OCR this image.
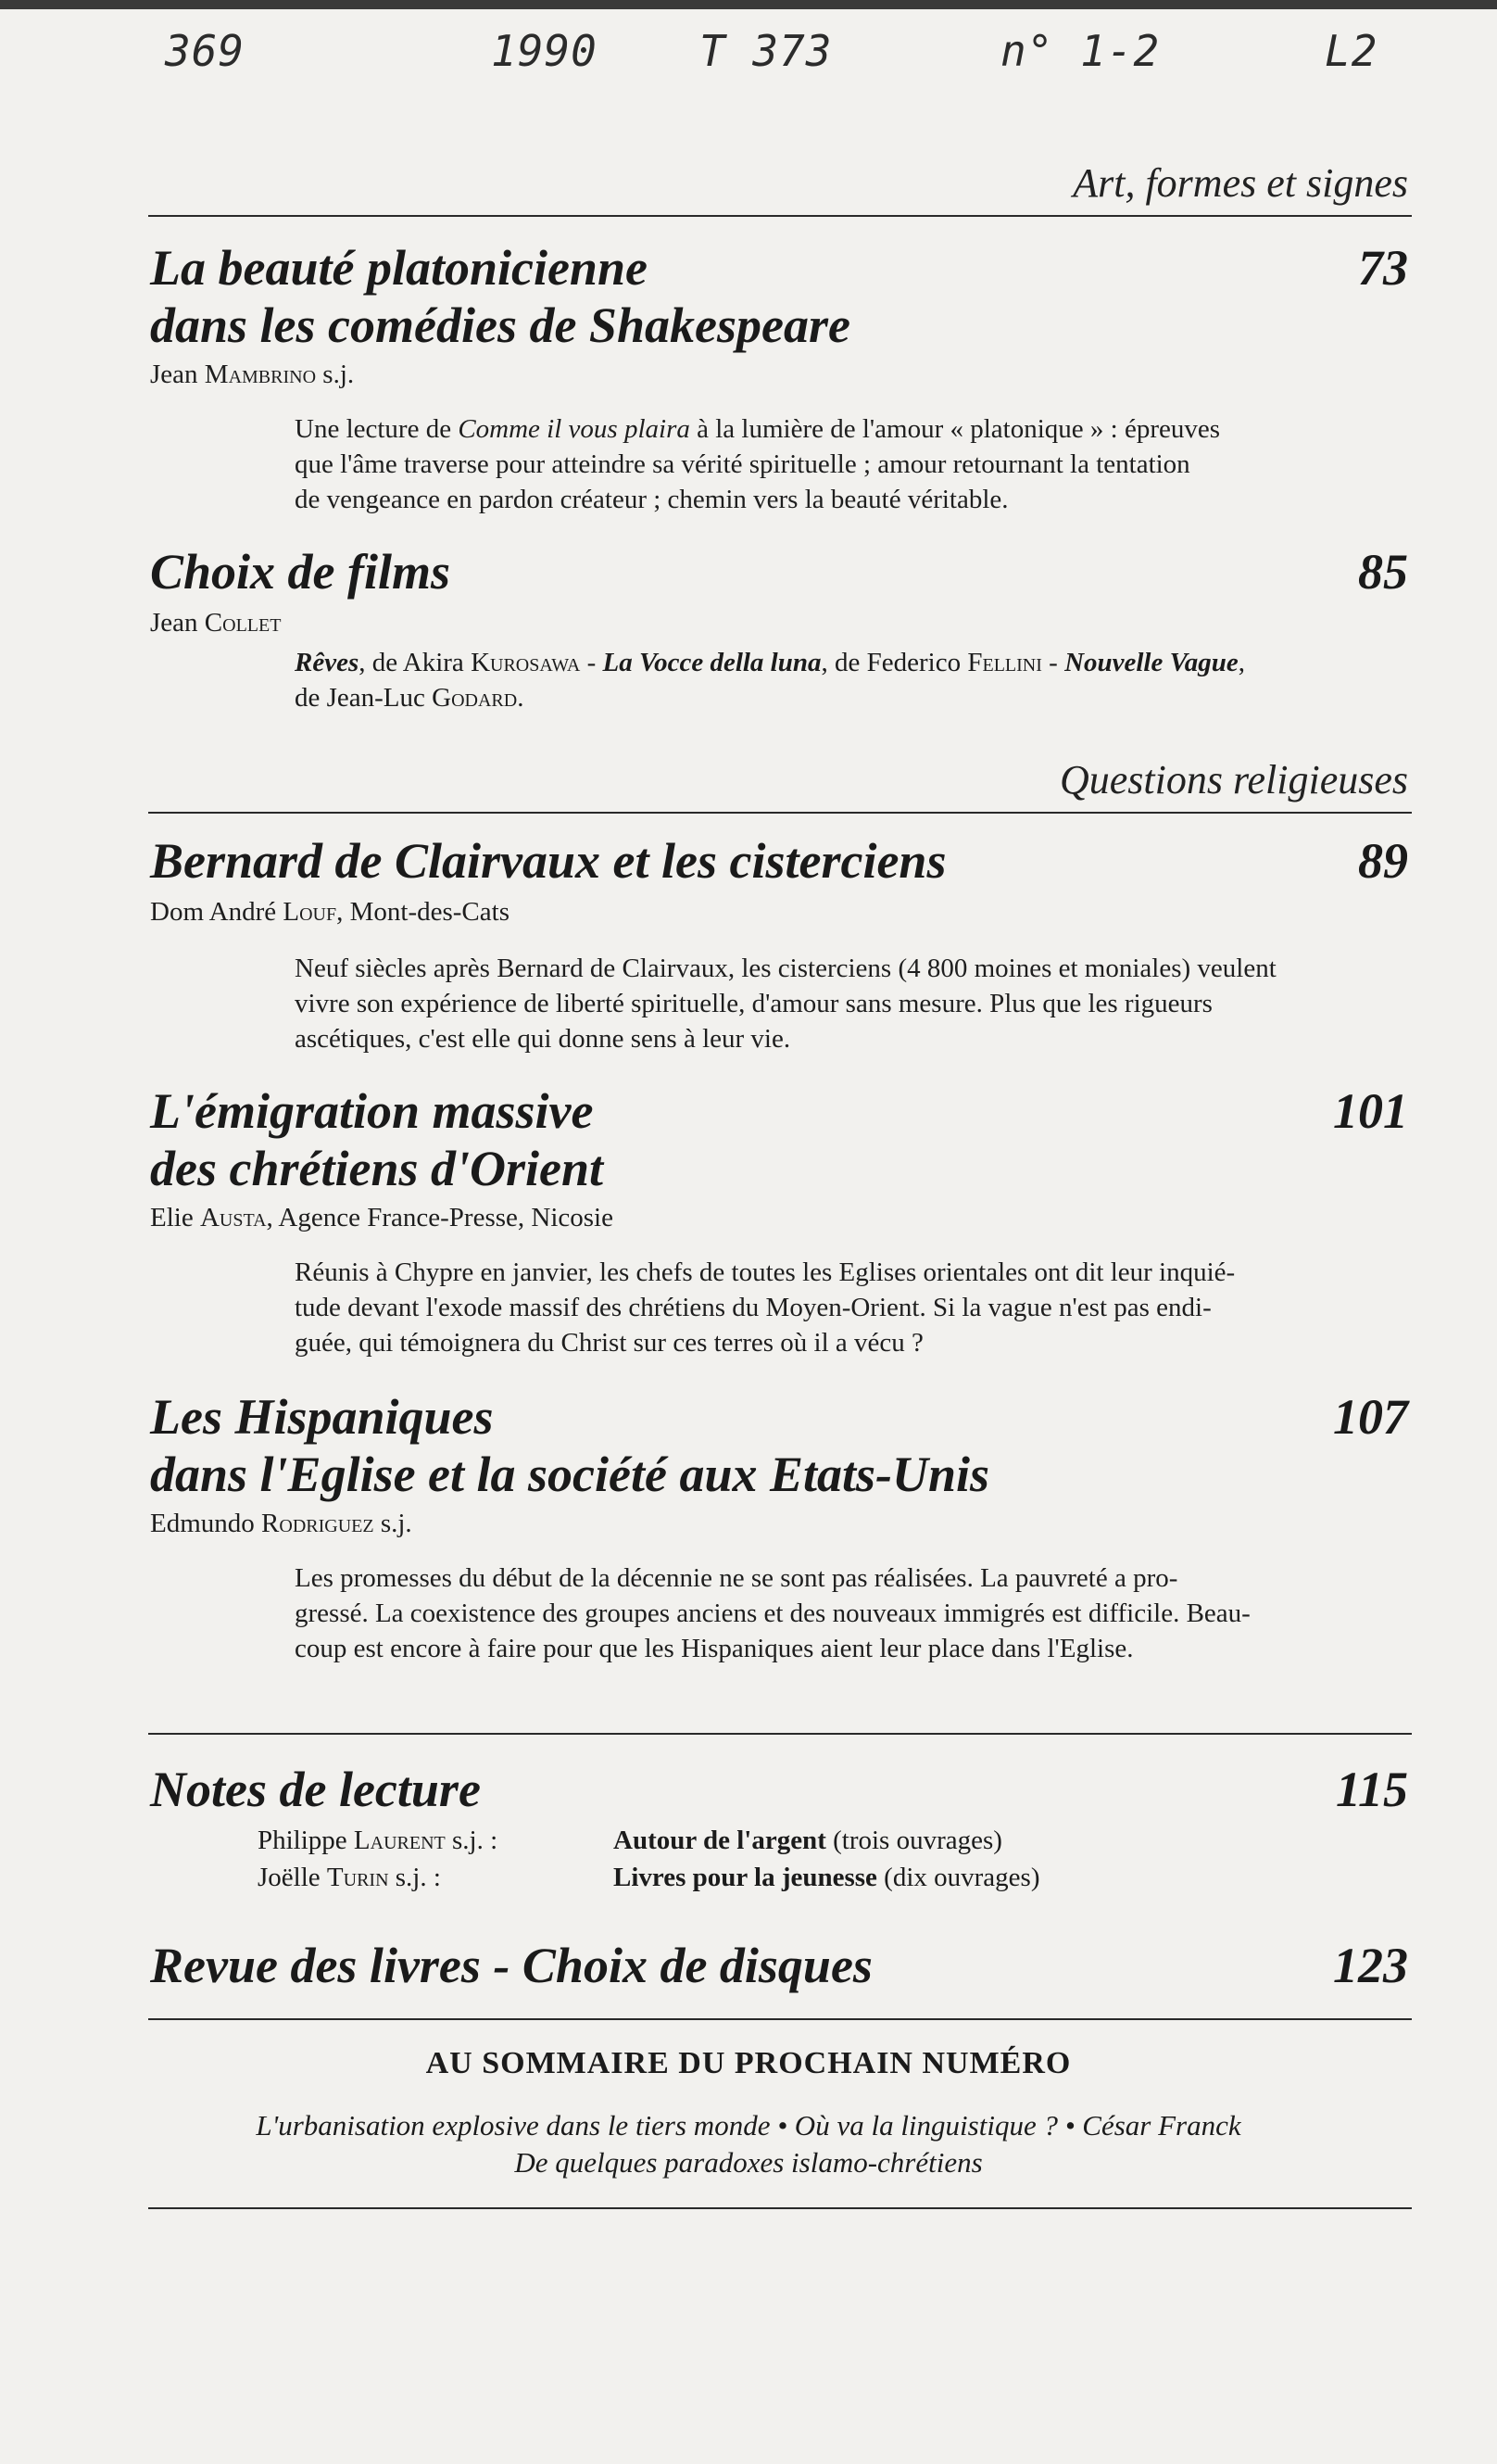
369	1990 T 373	n° 1-2	L2
Art, formes et signes
La beauté platonicienne
dans les comédies de Shakespeare
73
Jean Mambrino s.j.
Une lecture de Comme il vous plaira à la lumière de l'amour « platonique » : épreuves
que l'âme traverse pour atteindre sa vérité spirituelle ; amour retournant la tentation
de vengeance en pardon créateur ; chemin vers la beauté véritable.
Choix de films	85
Jean Collet
Rêves, de Akira Kurosawa - La Vocce della luna, de Federico Fellini - Nouvelle Vague,
de Jean-Luc Godard.
Questions religieuses
Bernard de Clairvaux et les cisterciens	89
Dom André Louf, Mont-des-Cats
Neuf siècles après Bernard de Clairvaux, les cisterciens (4 800 moines et moniales) veulent
vivre son expérience de liberté spirituelle, d'amour sans mesure. Plus que les rigueurs
ascétiques, c'est elle qui donne sens à leur vie.
L'émigration massive
des chrétiens d'Orient
101
Elie Austa, Agence France-Presse, Nicosie
Réunis à Chypre en janvier, les chefs de toutes les Eglises orientales ont dit leur inquié-
tude devant l'exode massif des chrétiens du Moyen-Orient. Si la vague n'est pas endi-
guée, qui témoignera du Christ sur ces terres où il a vécu ?
Les Hispaniques
dans l'Eglise et la société aux Etats-Unis
107
Edmundo Rodriguez s.j.
Les promesses du début de la décennie ne se sont pas réalisées. La pauvreté a pro-
gressé. La coexistence des groupes anciens et des nouveaux immigrés est difficile. Beau-
coup est encore à faire pour que les Hispaniques aient leur place dans l'Eglise.
Notes de lecture	115
Philippe Laurent s.j. :	Autour de l'argent (trois ouvrages)
Joëlle Turin s.j. :	Livres pour la jeunesse (dix ouvrages)
Revue des livres - Choix de disques	123
AU SOMMAIRE DU PROCHAIN NUMÉRO
L'urbanisation explosive dans le tiers monde • Où va la linguistique ? • César Franck
De quelques paradoxes islamo-chrétiens
